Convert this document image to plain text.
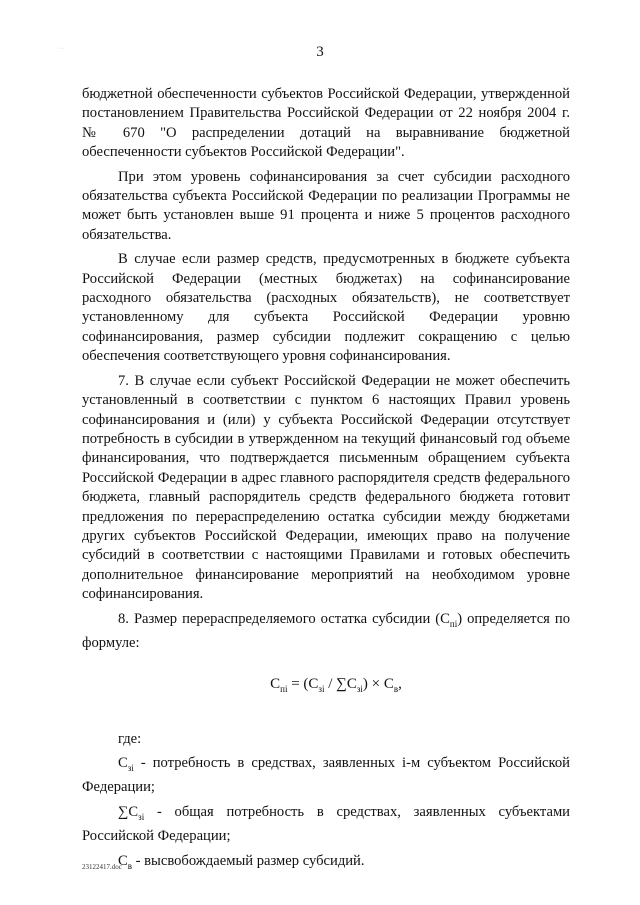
3
· ·

бюджетной обеспеченности субъектов Российской Федерации, утвержденной постановлением Правительства Российской Федерации от 22 ноября 2004 г. № 670 "О распределении дотаций на выравнивание бюджетной обеспеченности субъектов Российской Федерации".

При этом уровень софинансирования за счет субсидии расходного обязательства субъекта Российской Федерации по реализации Программы не может быть установлен выше 91 процента и ниже 5 процентов расходного обязательства.

В случае если размер средств, предусмотренных в бюджете субъекта Российской Федерации (местных бюджетах) на софинансирование расходного обязательства (расходных обязательств), не соответствует установленному для субъекта Российской Федерации уровню софинансирования, размер субсидии подлежит сокращению с целью обеспечения соответствующего уровня софинансирования.

7. В случае если субъект Российской Федерации не может обеспечить установленный в соответствии с пунктом 6 настоящих Правил уровень софинансирования и (или) у субъекта Российской Федерации отсутствует потребность в субсидии в утвержденном на текущий финансовый год объеме финансирования, что подтверждается письменным обращением субъекта Российской Федерации в адрес главного распорядителя средств федерального бюджета, главный распорядитель средств федерального бюджета готовит предложения по перераспределению остатка субсидии между бюджетами других субъектов Российской Федерации, имеющих право на получение субсидий в соответствии с настоящими Правилами и готовых обеспечить дополнительное финансирование мероприятий на необходимом уровне софинансирования.

8. Размер перераспределяемого остатка субсидии $(С_{пi})$ определяется по формуле:

$С_{пi} = (С_{зi} / \sum С_{зi}) \times С_в$,

где:

$С_{зi}$ - потребность в средствах, заявленных i-м субъектом Российской Федерации;

$\sum С_{зi}$ - общая потребность в средствах, заявленных субъектами Российской Федерации;

$С_в$ - высвобождаемый размер субсидий.

23122417.doc
